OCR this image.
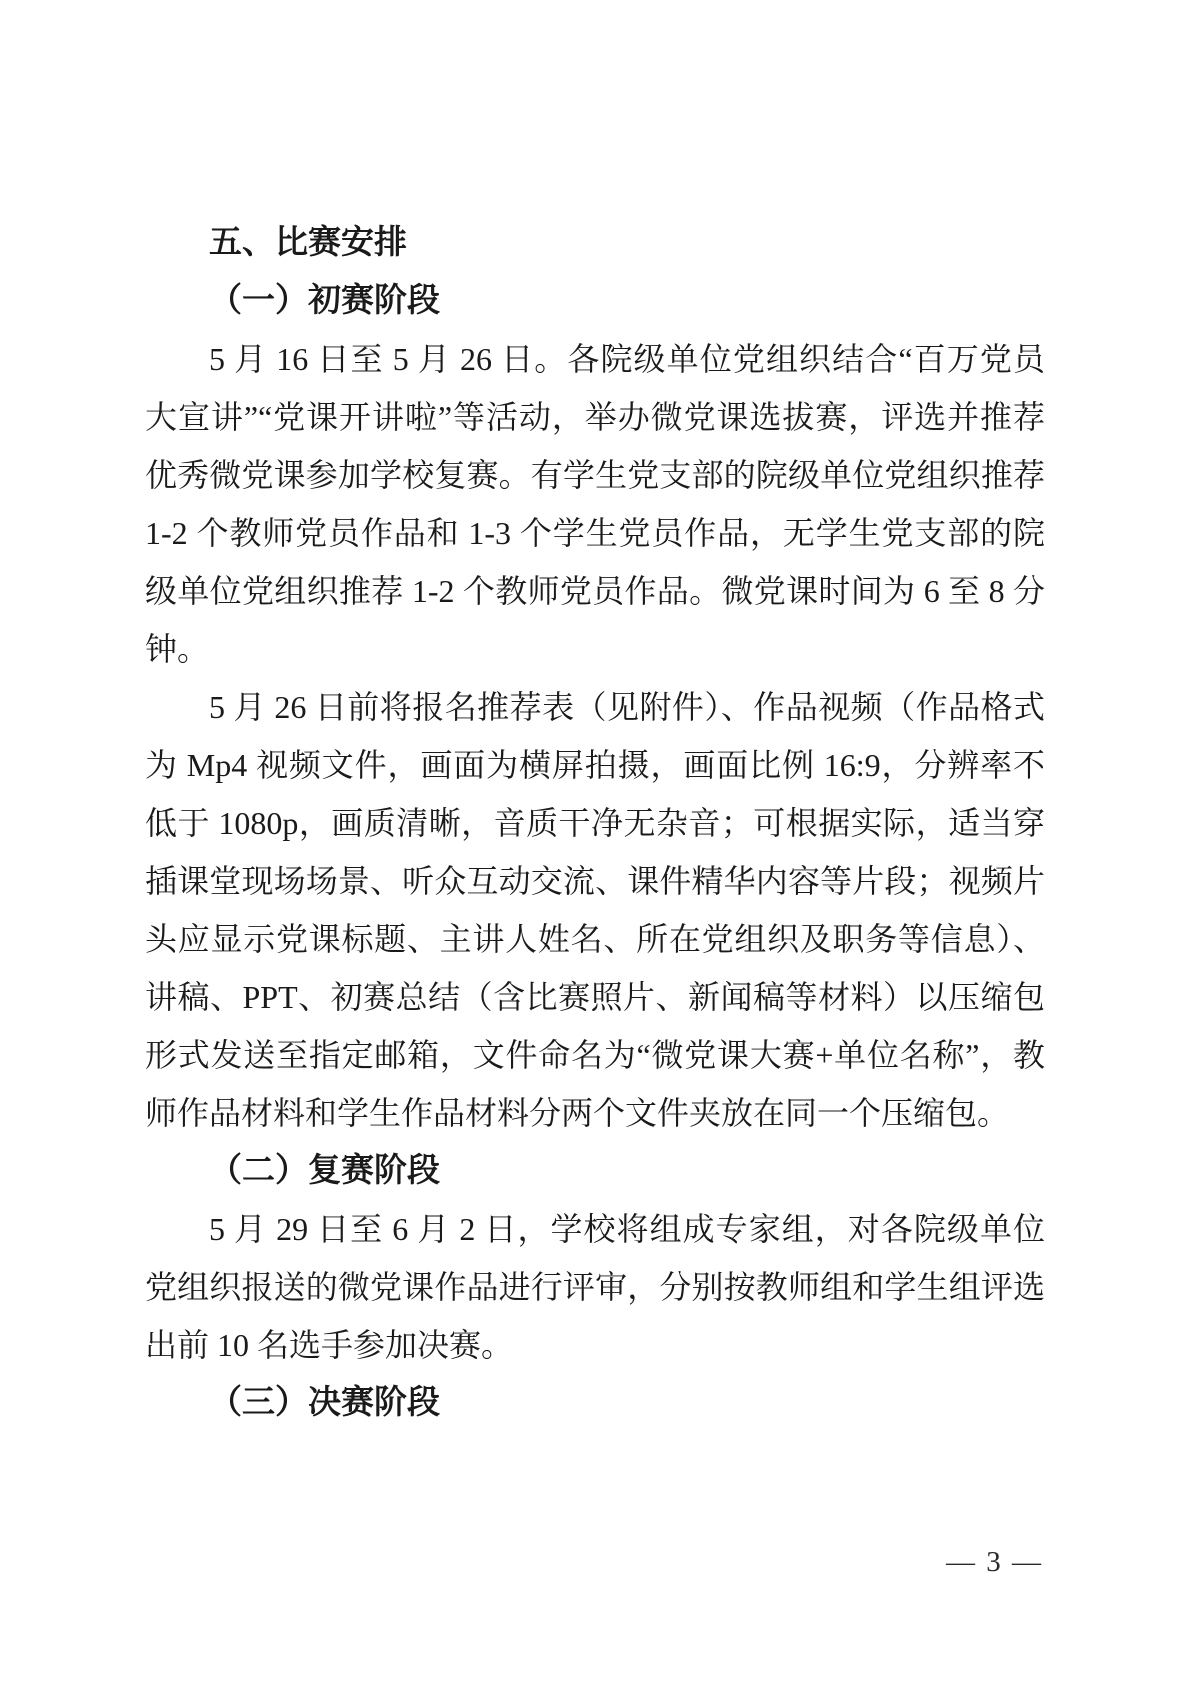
五、比赛安排
（一）初赛阶段

5 月 16 日至 5 月 26 日。各院级单位党组织结合“百万党员大宣讲”“党课开讲啦”等活动，举办微党课选拔赛，评选并推荐优秀微党课参加学校复赛。有学生党支部的院级单位党组织推荐 1-2 个教师党员作品和 1-3 个学生党员作品，无学生党支部的院级单位党组织推荐 1-2 个教师党员作品。微党课时间为 6 至 8 分钟。

5 月 26 日前将报名推荐表（见附件）、作品视频（作品格式为 Mp4 视频文件，画面为横屏拍摄，画面比例 16:9，分辨率不低于 1080p，画质清晰，音质干净无杂音；可根据实际，适当穿插课堂现场场景、听众互动交流、课件精华内容等片段；视频片头应显示党课标题、主讲人姓名、所在党组织及职务等信息）、讲稿、PPT、初赛总结（含比赛照片、新闻稿等材料）以压缩包形式发送至指定邮箱，文件命名为“微党课大赛+单位名称”，教师作品材料和学生作品材料分两个文件夹放在同一个压缩包。

（二）复赛阶段

5 月 29 日至 6 月 2 日，学校将组成专家组，对各院级单位党组织报送的微党课作品进行评审，分别按教师组和学生组评选出前 10 名选手参加决赛。

（三）决赛阶段
— 3 —
